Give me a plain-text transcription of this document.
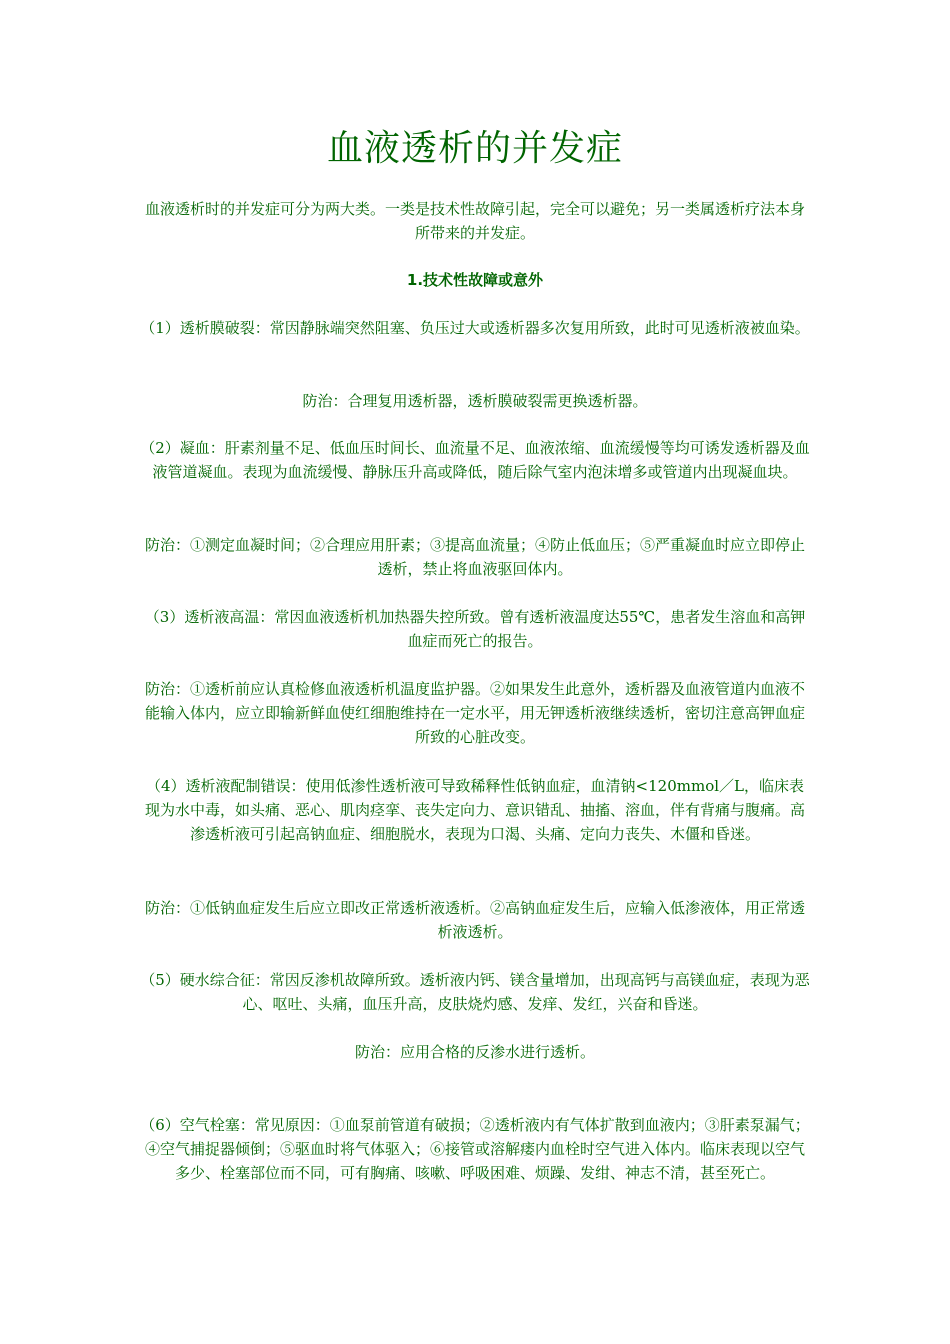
血液透析的并发症
血液透析时的并发症可分为两大类。一类是技术性故障引起，完全可以避免；另一类属透析疗法本身所带来的并发症。
1.技术性故障或意外
（1）透析膜破裂：常因静脉端突然阻塞、负压过大或透析器多次复用所致，此时可见透析液被血染。
防治：合理复用透析器，透析膜破裂需更换透析器。
（2）凝血：肝素剂量不足、低血压时间长、血流量不足、血液浓缩、血流缓慢等均可诱发透析器及血液管道凝血。表现为血流缓慢、静脉压升高或降低，随后除气室内泡沫增多或管道内出现凝血块。
防治：①测定血凝时间；②合理应用肝素；③提高血流量；④防止低血压；⑤严重凝血时应立即停止透析，禁止将血液驱回体内。
（3）透析液高温：常因血液透析机加热器失控所致。曾有透析液温度达55℃，患者发生溶血和高钾血症而死亡的报告。
防治：①透析前应认真检修血液透析机温度监护器。②如果发生此意外，透析器及血液管道内血液不能输入体内，应立即输新鲜血使红细胞维持在一定水平，用无钾透析液继续透析，密切注意高钾血症所致的心脏改变。
（4）透析液配制错误：使用低渗性透析液可导致稀释性低钠血症，血清钠<120mmol／L，临床表现为水中毒，如头痛、恶心、肌肉痉挛、丧失定向力、意识错乱、抽搐、溶血，伴有背痛与腹痛。高渗透析液可引起高钠血症、细胞脱水，表现为口渴、头痛、定向力丧失、木僵和昏迷。
防治：①低钠血症发生后应立即改正常透析液透析。②高钠血症发生后，应输入低渗液体，用正常透析液透析。
（5）硬水综合征：常因反渗机故障所致。透析液内钙、镁含量增加，出现高钙与高镁血症，表现为恶心、呕吐、头痛，血压升高，皮肤烧灼感、发痒、发红，兴奋和昏迷。
防治：应用合格的反渗水进行透析。
（6）空气栓塞：常见原因：①血泵前管道有破损；②透析液内有气体扩散到血液内；③肝素泵漏气；④空气捕捉器倾倒；⑤驱血时将气体驱入；⑥接管或溶解瘘内血栓时空气进入体内。临床表现以空气多少、栓塞部位而不同，可有胸痛、咳嗽、呼吸困难、烦躁、发绀、神志不清，甚至死亡。
